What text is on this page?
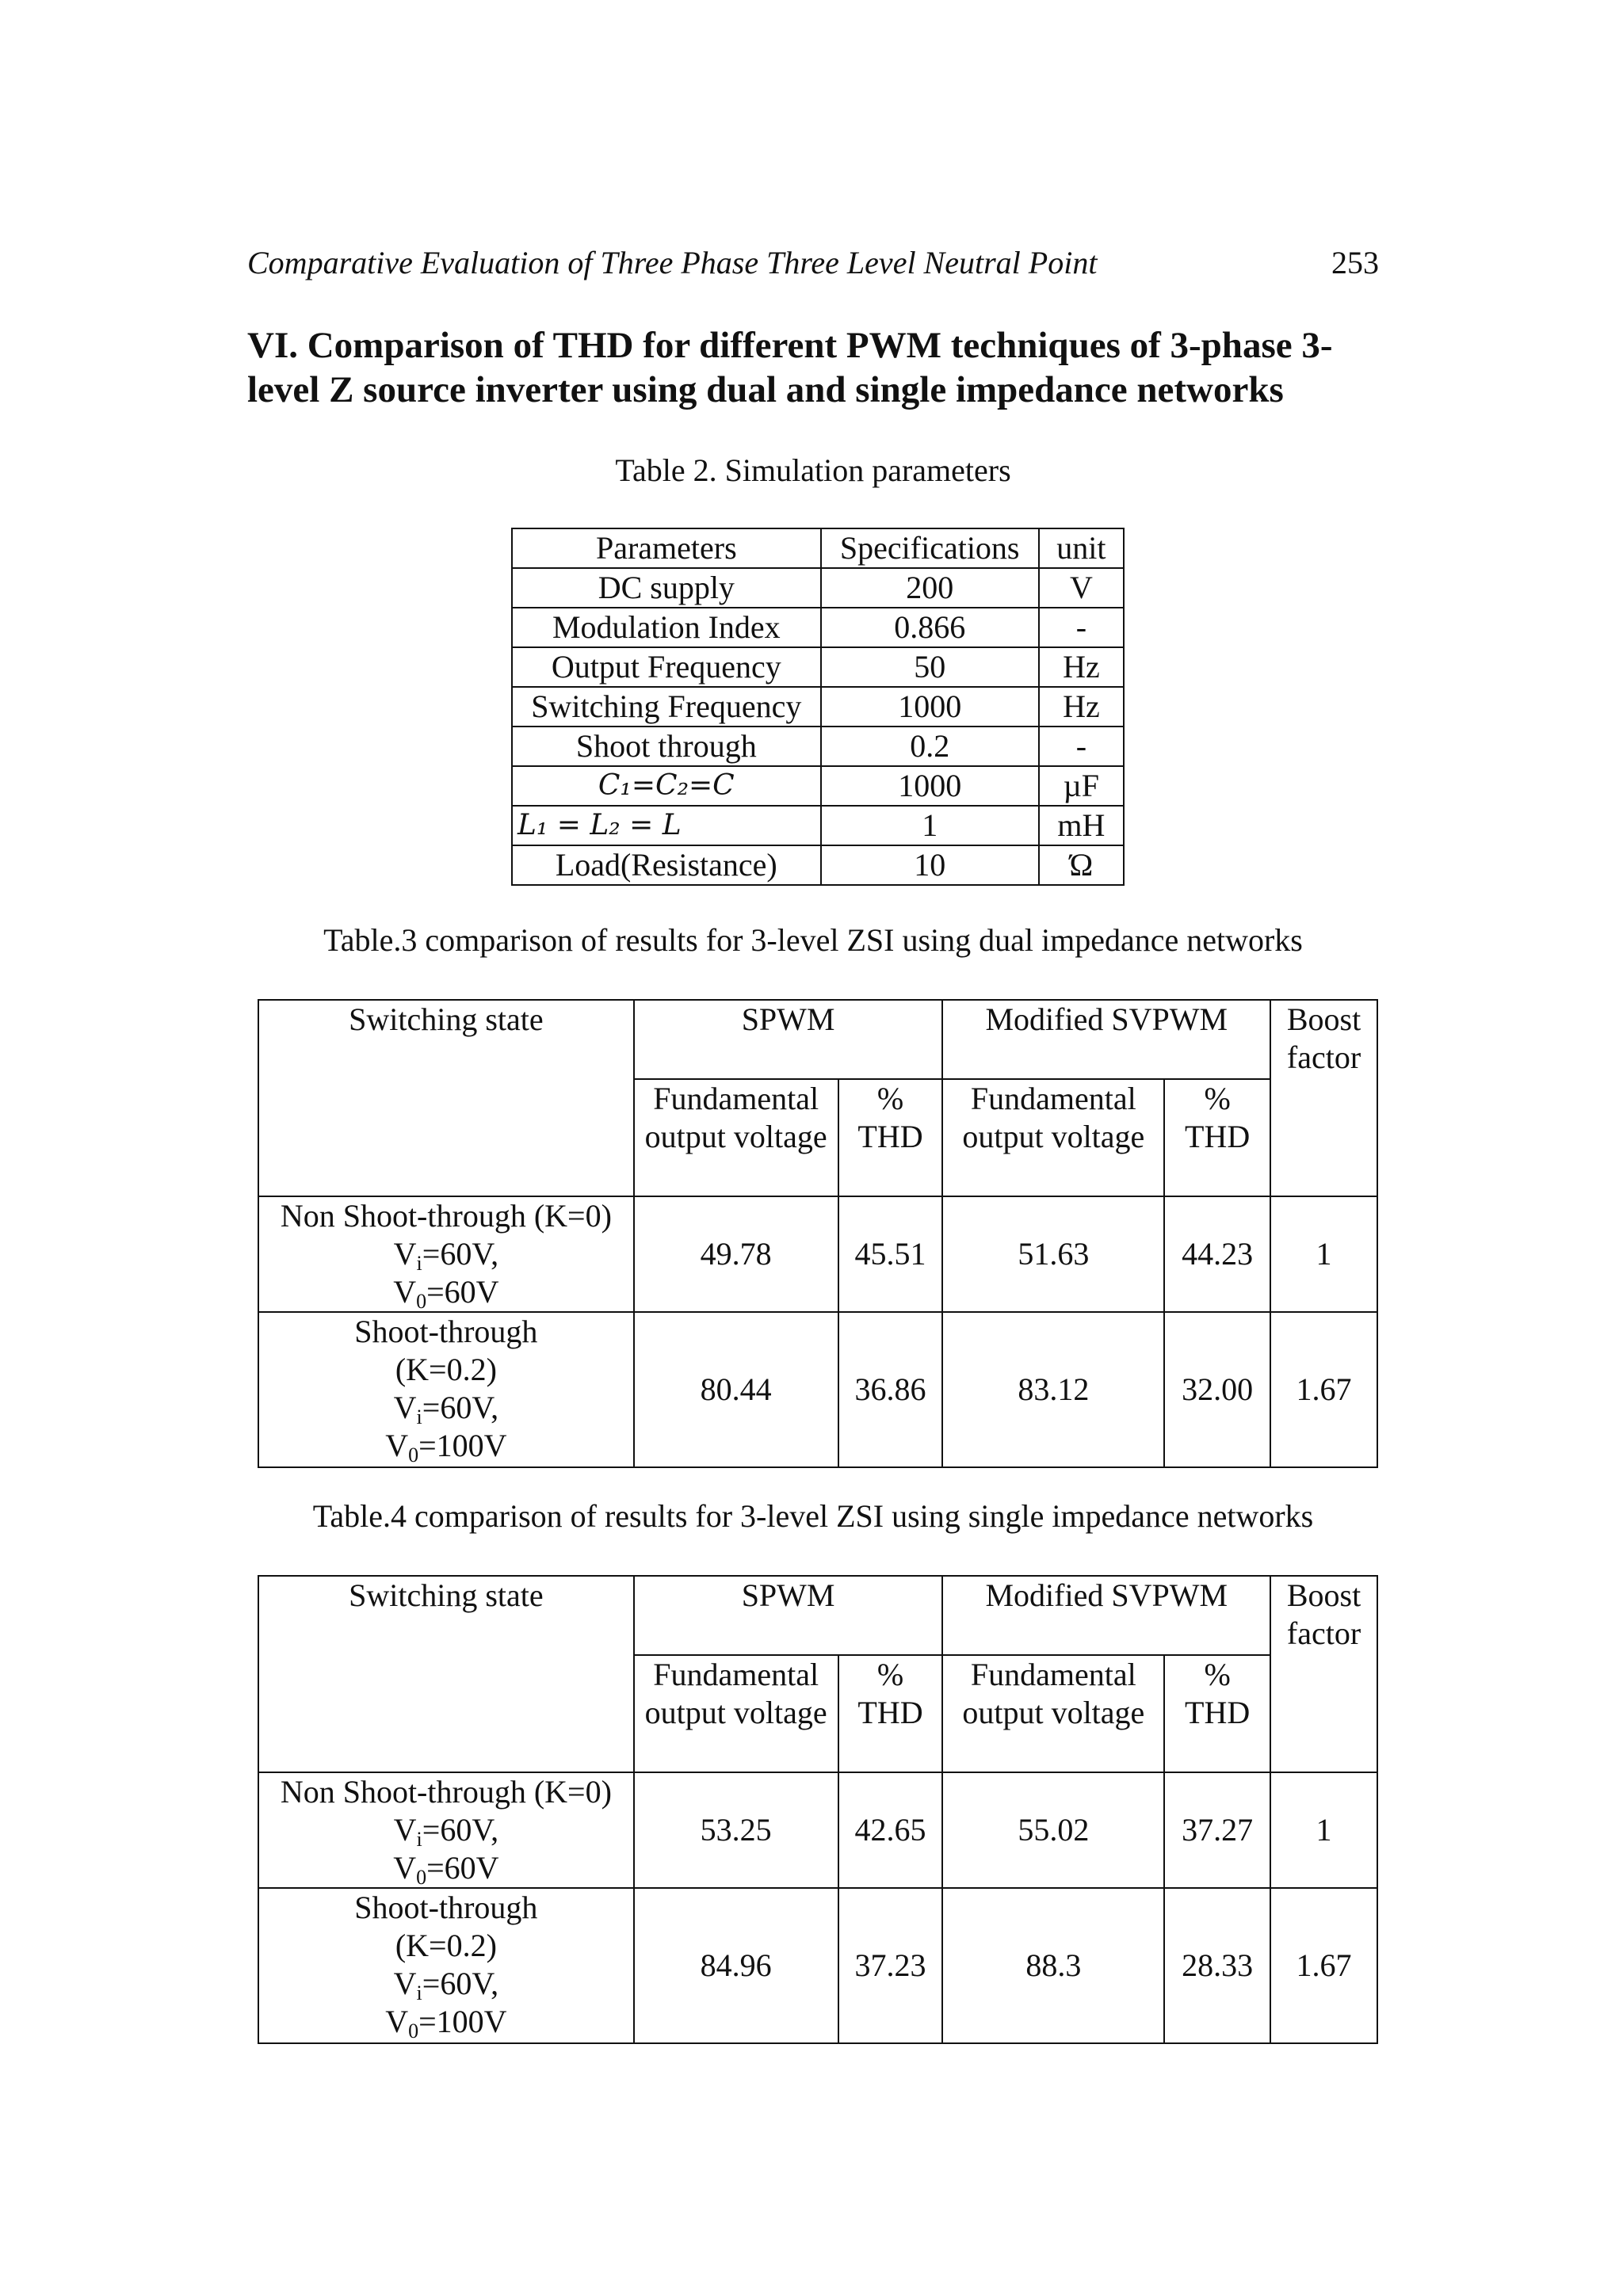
Comparative Evaluation of Three Phase Three Level Neutral Point	253
VI. Comparison of THD for different PWM techniques of 3-phase 3-level Z source inverter using dual and single impedance networks
Table 2. Simulation parameters
Parameters	Specifications	unit
DC supply	200	V
Modulation Index	0.866	-
Output Frequency	50	Hz
Switching Frequency	1000	Hz
Shoot through	0.2	-
C₁=C₂=C	1000	µF
L₁ = L₂ = L	1	mH
Load(Resistance)	10	Ώ
Table.3 comparison of results for 3-level ZSI using dual impedance networks
Switching state	SPWM		Modified SVPWM		Boost factor
	Fundamental output voltage	% THD	Fundamental output voltage	% THD	

Non Shoot-through (K=0)
$V_i=60V$,
$V_0=60V$	49.78	45.51	51.63	44.23	1

Shoot-through
(K=0.2)
$V_i=60V$,
$V_0=100V$	80.44	36.86	83.12	32.00	1.67
Table.4 comparison of results for 3-level ZSI using single impedance networks
Switching state	SPWM		Modified SVPWM		Boost factor
	Fundamental output voltage	% THD	Fundamental output voltage	% THD	

Non Shoot-through (K=0)
$V_i=60V$,
$V_0=60V$	53.25	42.65	55.02	37.27	1

Shoot-through
(K=0.2)
$V_i=60V$,
$V_0=100V$	84.96	37.23	88.3	28.33	1.67
